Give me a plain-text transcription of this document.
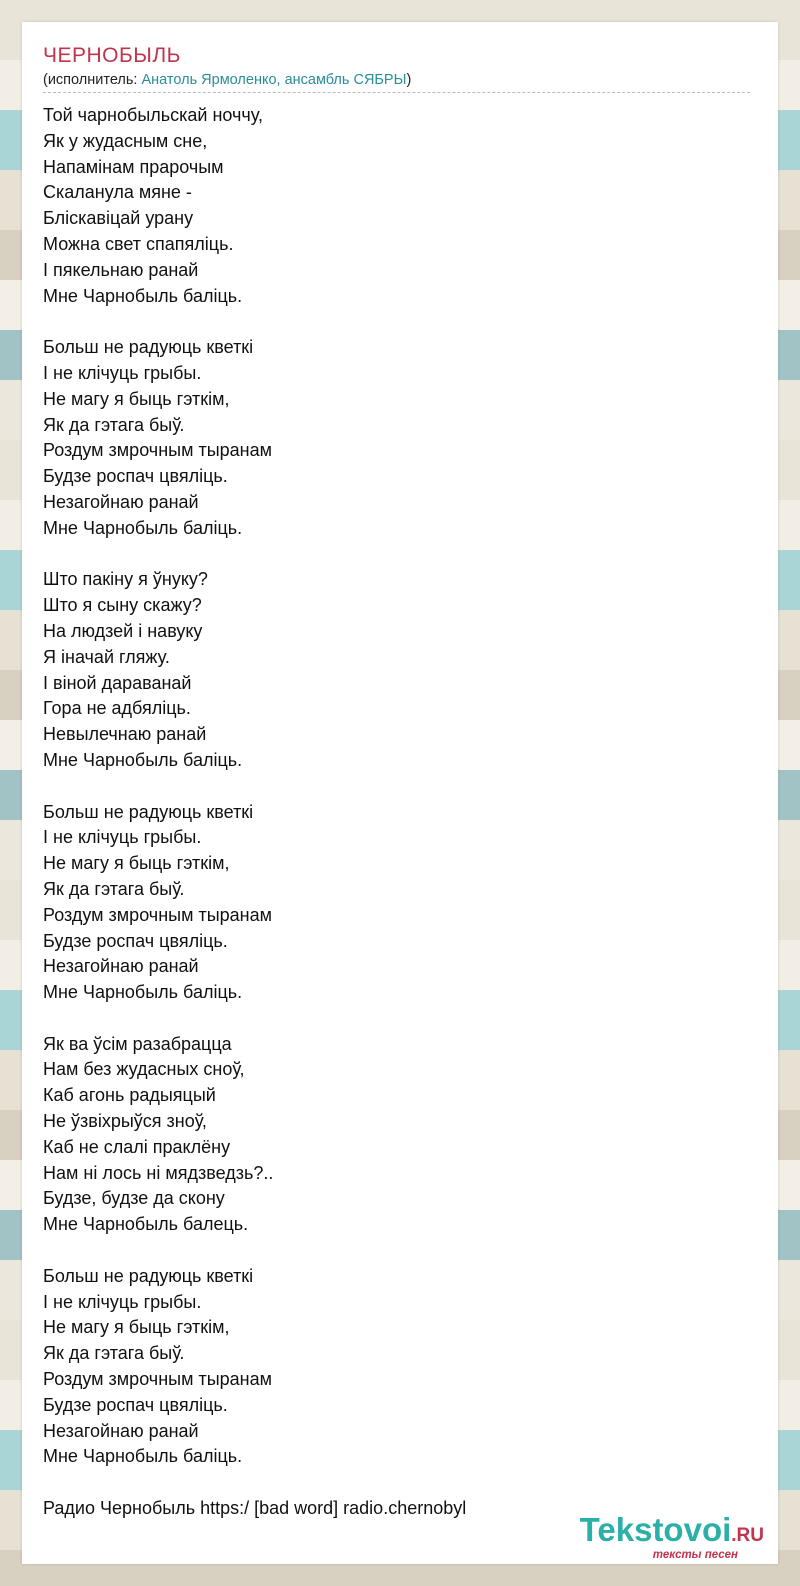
ЧЕРНОБЫЛЬ
(исполнитель: Анатоль Ярмоленко, ансамбль СЯБРЫ)
Той чарнобыльскай ноччу,
Як у жудасным сне,
Напамінам прарочым
Скаланула мяне -
Бліскавіцай урану
Можна свет спапяліць.
І пякельнаю ранай
Мне Чарнобыль баліць.
Больш не радуюць кветкі
І не клічуць грыбы.
Не магу я быць гэткім,
Як да гэтага быў.
Роздум змрочным тыранам
Будзе роспач цвяліць.
Незагойнаю ранай
Мне Чарнобыль баліць.
Што пакіну я ўнуку?
Што я сыну скажу?
На людзей і навуку
Я іначай гляжу.
І віной дараванай
Гора не адбяліць.
Невылечнаю ранай
Мне Чарнобыль баліць.
Больш не радуюць кветкі
І не клічуць грыбы.
Не магу я быць гэткім,
Як да гэтага быў.
Роздум змрочным тыранам
Будзе роспач цвяліць.
Незагойнаю ранай
Мне Чарнобыль баліць.
Як ва ўсім разабрацца
Нам без жудасных сноў,
Каб агонь радыяцый
Не ўзвіхрыўся зноў,
Каб не слалі праклёну
Нам ні лось ні мядзведзь?..
Будзе, будзе да скону
Мне Чарнобыль балець.
Больш не радуюць кветкі
І не клічуць грыбы.
Не магу я быць гэткім,
Як да гэтага быў.
Роздум змрочным тыранам
Будзе роспач цвяліць.
Незагойнаю ранай
Мне Чарнобыль баліць.
Радио Чернобыль https:/ [bad word] radio.chernobyl
Tekstovoi.RU
тексты песен
